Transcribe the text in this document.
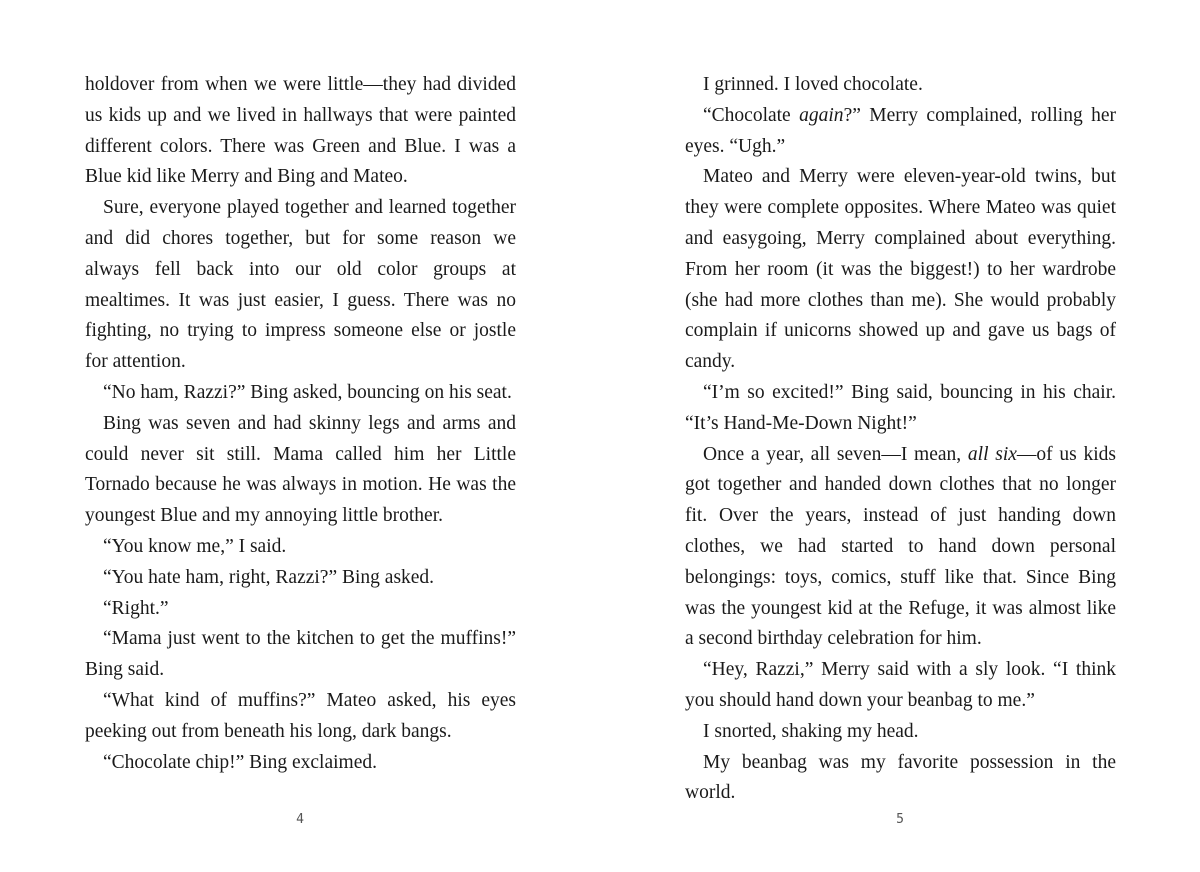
holdover from when we were little—they had divided us kids up and we lived in hallways that were painted different colors. There was Green and Blue. I was a Blue kid like Merry and Bing and Mateo.

Sure, everyone played together and learned together and did chores together, but for some reason we always fell back into our old color groups at mealtimes. It was just easier, I guess. There was no fighting, no trying to impress someone else or jostle for attention.

“No ham, Razzi?” Bing asked, bouncing on his seat.

Bing was seven and had skinny legs and arms and could never sit still. Mama called him her Little Tornado because he was always in motion. He was the youngest Blue and my annoying little brother.

“You know me,” I said.

“You hate ham, right, Razzi?” Bing asked.

“Right.”

“Mama just went to the kitchen to get the muffins!” Bing said.

“What kind of muffins?” Mateo asked, his eyes peeking out from beneath his long, dark bangs.

“Chocolate chip!” Bing exclaimed.

4

I grinned. I loved chocolate.

“Chocolate again?” Merry complained, rolling her eyes. “Ugh.”

Mateo and Merry were eleven-year-old twins, but they were complete opposites. Where Mateo was quiet and easygoing, Merry complained about everything. From her room (it was the biggest!) to her wardrobe (she had more clothes than me). She would probably complain if unicorns showed up and gave us bags of candy.

“I’m so excited!” Bing said, bouncing in his chair. “It’s Hand-Me-Down Night!”

Once a year, all seven—I mean, all six—of us kids got together and handed down clothes that no longer fit. Over the years, instead of just handing down clothes, we had started to hand down personal belongings: toys, comics, stuff like that. Since Bing was the youngest kid at the Refuge, it was almost like a second birthday celebration for him.

“Hey, Razzi,” Merry said with a sly look. “I think you should hand down your beanbag to me.”

I snorted, shaking my head.

My beanbag was my favorite possession in the world.

5
